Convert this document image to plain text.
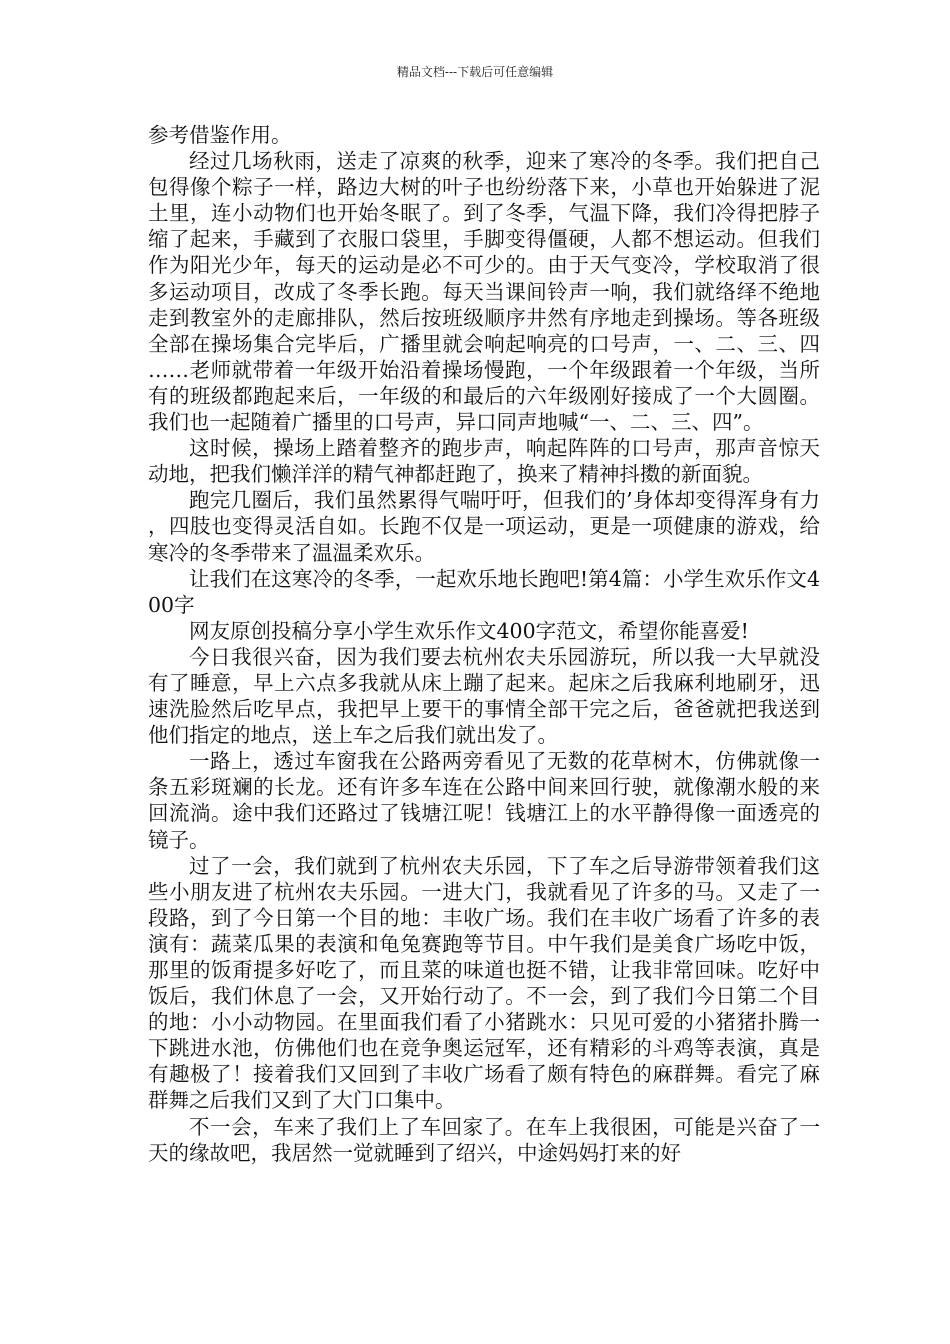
精品文档---下载后可任意编辑

参考借鉴作用。

经过几场秋雨，送走了凉爽的秋季，迎来了寒冷的冬季。我们把自己包得像个粽子一样，路边大树的叶子也纷纷落下来，小草也开始躲进了泥土里，连小动物们也开始冬眠了。到了冬季，气温下降，我们冷得把脖子缩了起来，手藏到了衣服口袋里，手脚变得僵硬，人都不想运动。但我们作为阳光少年，每天的运动是必不可少的。由于天气变冷，学校取消了很多运动项目，改成了冬季长跑。每天当课间铃声一响，我们就络绎不绝地走到教室外的走廊排队，然后按班级顺序井然有序地走到操场。等各班级全部在操场集合完毕后，广播里就会响起响亮的口号声，一、二、三、四……老师就带着一年级开始沿着操场慢跑，一个年级跟着一个年级，当所有的班级都跑起来后，一年级的和最后的六年级刚好接成了一个大圆圈。我们也一起随着广播里的口号声，异口同声地喊“一、二、三、四”。

这时候，操场上踏着整齐的跑步声，响起阵阵的口号声，那声音惊天动地，把我们懒洋洋的精气神都赶跑了，换来了精神抖擞的新面貌。

跑完几圈后，我们虽然累得气喘吁吁，但我们的’身体却变得浑身有力，四肢也变得灵活自如。长跑不仅是一项运动，更是一项健康的游戏，给寒冷的冬季带来了温温柔欢乐。

让我们在这寒冷的冬季，一起欢乐地长跑吧!第4篇：小学生欢乐作文400字

网友原创投稿分享小学生欢乐作文400字范文，希望你能喜爱!

今日我很兴奋，因为我们要去杭州农夫乐园游玩，所以我一大早就没有了睡意，早上六点多我就从床上蹦了起来。起床之后我麻利地刷牙，迅速洗脸然后吃早点，我把早上要干的事情全部干完之后，爸爸就把我送到他们指定的地点，送上车之后我们就出发了。

一路上，透过车窗我在公路两旁看见了无数的花草树木，仿佛就像一条五彩斑斓的长龙。还有许多车连在公路中间来回行驶，就像潮水般的来回流淌。途中我们还路过了钱塘江呢！钱塘江上的水平静得像一面透亮的镜子。

过了一会，我们就到了杭州农夫乐园，下了车之后导游带领着我们这些小朋友进了杭州农夫乐园。一进大门，我就看见了许多的马。又走了一段路，到了今日第一个目的地：丰收广场。我们在丰收广场看了许多的表演有：蔬菜瓜果的表演和龟兔赛跑等节目。中午我们是美食广场吃中饭，那里的饭甭提多好吃了，而且菜的味道也挺不错，让我非常回味。吃好中饭后，我们休息了一会，又开始行动了。不一会，到了我们今日第二个目的地：小小动物园。在里面我们看了小猪跳水：只见可爱的小猪猪扑腾一下跳进水池，仿佛他们也在竞争奥运冠军，还有精彩的斗鸡等表演，真是有趣极了！接着我们又回到了丰收广场看了颇有特色的麻群舞。看完了麻群舞之后我们又到了大门口集中。

不一会，车来了我们上了车回家了。在车上我很困，可能是兴奋了一天的缘故吧，我居然一觉就睡到了绍兴，中途妈妈打来的好
